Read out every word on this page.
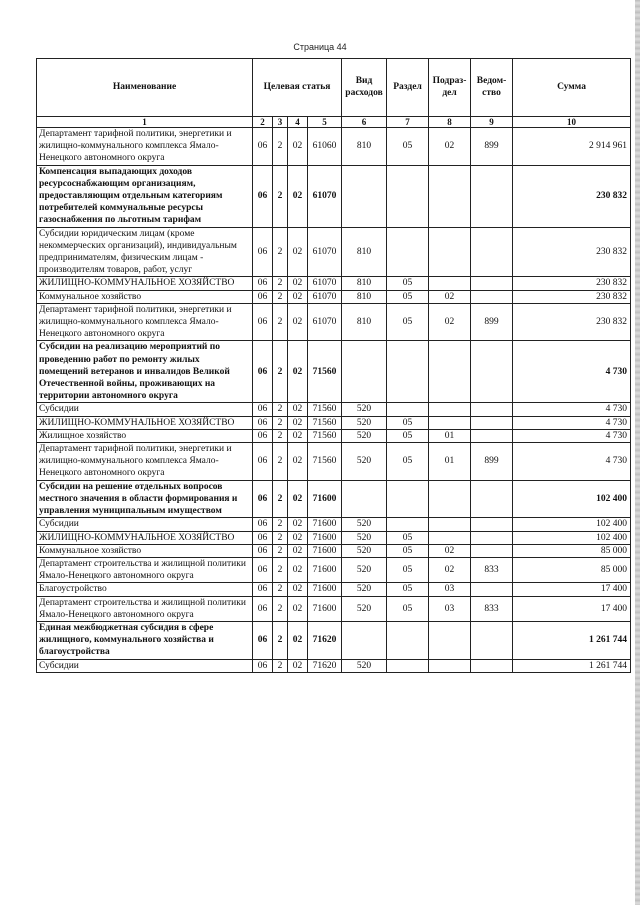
Страница 44
Наименование	Целевая статья				Вид расходов	Раздел	Подраз-дел	Ведом-ство	Сумма
1	2	3	4	5	6	7	8	9	10
Департамент тарифной политики, энергетики и жилищно-коммунального комплекса Ямало-Ненецкого автономного округа	06	2	02	61060	810	05	02	899	2 914 961
Компенсация выпадающих доходов ресурсоснабжающим организациям, предоставляющим отдельным категориям потребителей коммунальные ресурсы газоснабжения по льготным тарифам	06	2	02	61070					230 832
Субсидии юридическим лицам (кроме некоммерческих организаций), индивидуальным предпринимателям, физическим лицам - производителям товаров, работ, услуг	06	2	02	61070	810				230 832
ЖИЛИЩНО-КОММУНАЛЬНОЕ ХОЗЯЙСТВО	06	2	02	61070	810	05			230 832
Коммунальное хозяйство	06	2	02	61070	810	05	02		230 832
Департамент тарифной политики, энергетики и жилищно-коммунального комплекса Ямало-Ненецкого автономного округа	06	2	02	61070	810	05	02	899	230 832
Субсидии на реализацию мероприятий по проведению работ по ремонту жилых помещений ветеранов и инвалидов Великой Отечественной войны, проживающих на территории автономного округа	06	2	02	71560					4 730
Субсидии	06	2	02	71560	520				4 730
ЖИЛИЩНО-КОММУНАЛЬНОЕ ХОЗЯЙСТВО	06	2	02	71560	520	05			4 730
Жилищное хозяйство	06	2	02	71560	520	05	01		4 730
Департамент тарифной политики, энергетики и жилищно-коммунального комплекса Ямало-Ненецкого автономного округа	06	2	02	71560	520	05	01	899	4 730
Субсидии на решение отдельных вопросов местного значения в области формирования и управления муниципальным имуществом	06	2	02	71600					102 400
Субсидии	06	2	02	71600	520				102 400
ЖИЛИЩНО-КОММУНАЛЬНОЕ ХОЗЯЙСТВО	06	2	02	71600	520	05			102 400
Коммунальное хозяйство	06	2	02	71600	520	05	02		85 000
Департамент строительства и жилищной политики Ямало-Ненецкого автономного округа	06	2	02	71600	520	05	02	833	85 000
Благоустройство	06	2	02	71600	520	05	03		17 400
Департамент строительства и жилищной политики Ямало-Ненецкого автономного округа	06	2	02	71600	520	05	03	833	17 400
Единая межбюджетная субсидия в сфере жилищного, коммунального хозяйства и благоустройства	06	2	02	71620					1 261 744
Субсидии	06	2	02	71620	520				1 261 744
